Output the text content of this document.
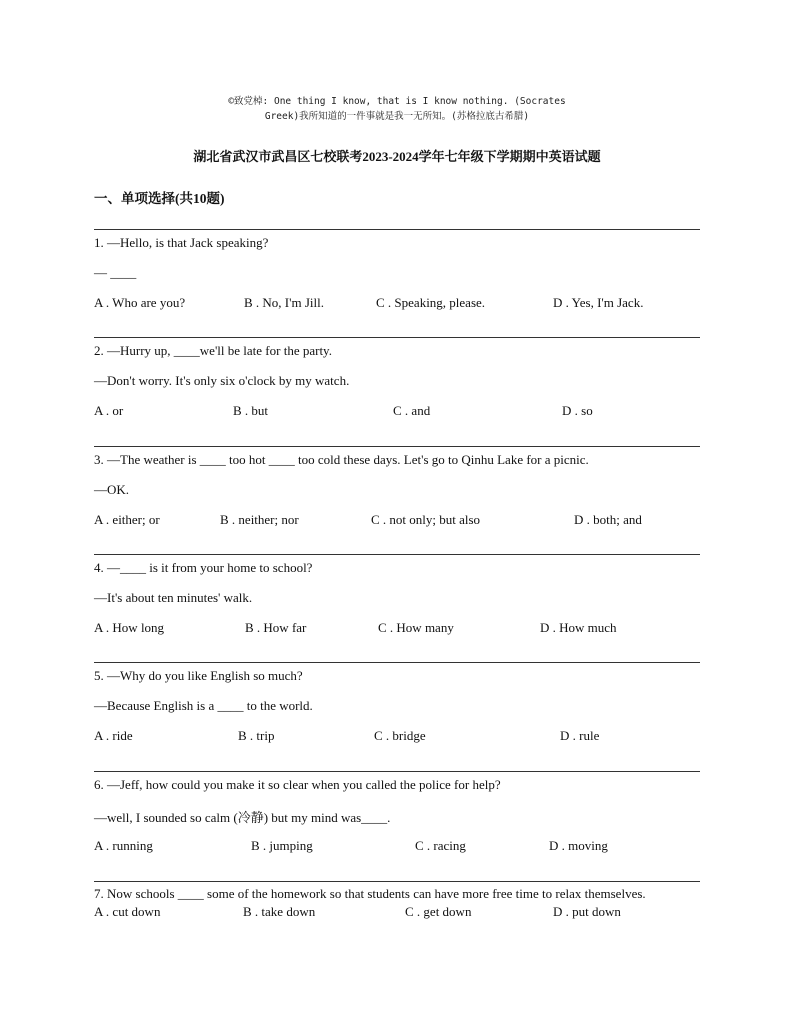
©致党棹: One thing I know, that is I know nothing. (Socrates
Greek)我所知道的一件事就是我一无所知。(苏格拉底古希腊)
湖北省武汉市武昌区七校联考2023-2024学年七年级下学期期中英语试题
一、单项选择(共10题)
1. —Hello, is that Jack speaking?
— ____
A . Who are you?	B . No, I'm Jill.	C . Speaking, please.	D . Yes, I'm Jack.
2. —Hurry up, ____we'll be late for the party.
—Don't worry. It's only six o'clock by my watch.
A . or	B . but	C . and	D . so
3. —The weather is ____ too hot ____ too cold these days. Let's go to Qinhu Lake for a picnic.
—OK.
A . either; or	B . neither; nor	C . not only; but also	D . both; and
4. —____ is it from your home to school?
—It's about ten minutes' walk.
A . How long	B . How far	C . How many	D . How much
5. —Why do you like English so much?
—Because English is a ____ to the world.
A . ride	B . trip	C . bridge	D . rule
6. —Jeff, how could you make it so clear when you called the police for help?
—well, I sounded so calm (冷静) but my mind was____.
A . running	B . jumping	C . racing	D . moving
7. Now schools ____ some of the homework so that students can have more free time to relax themselves.
A . cut down	B . take down	C . get down	D . put down
